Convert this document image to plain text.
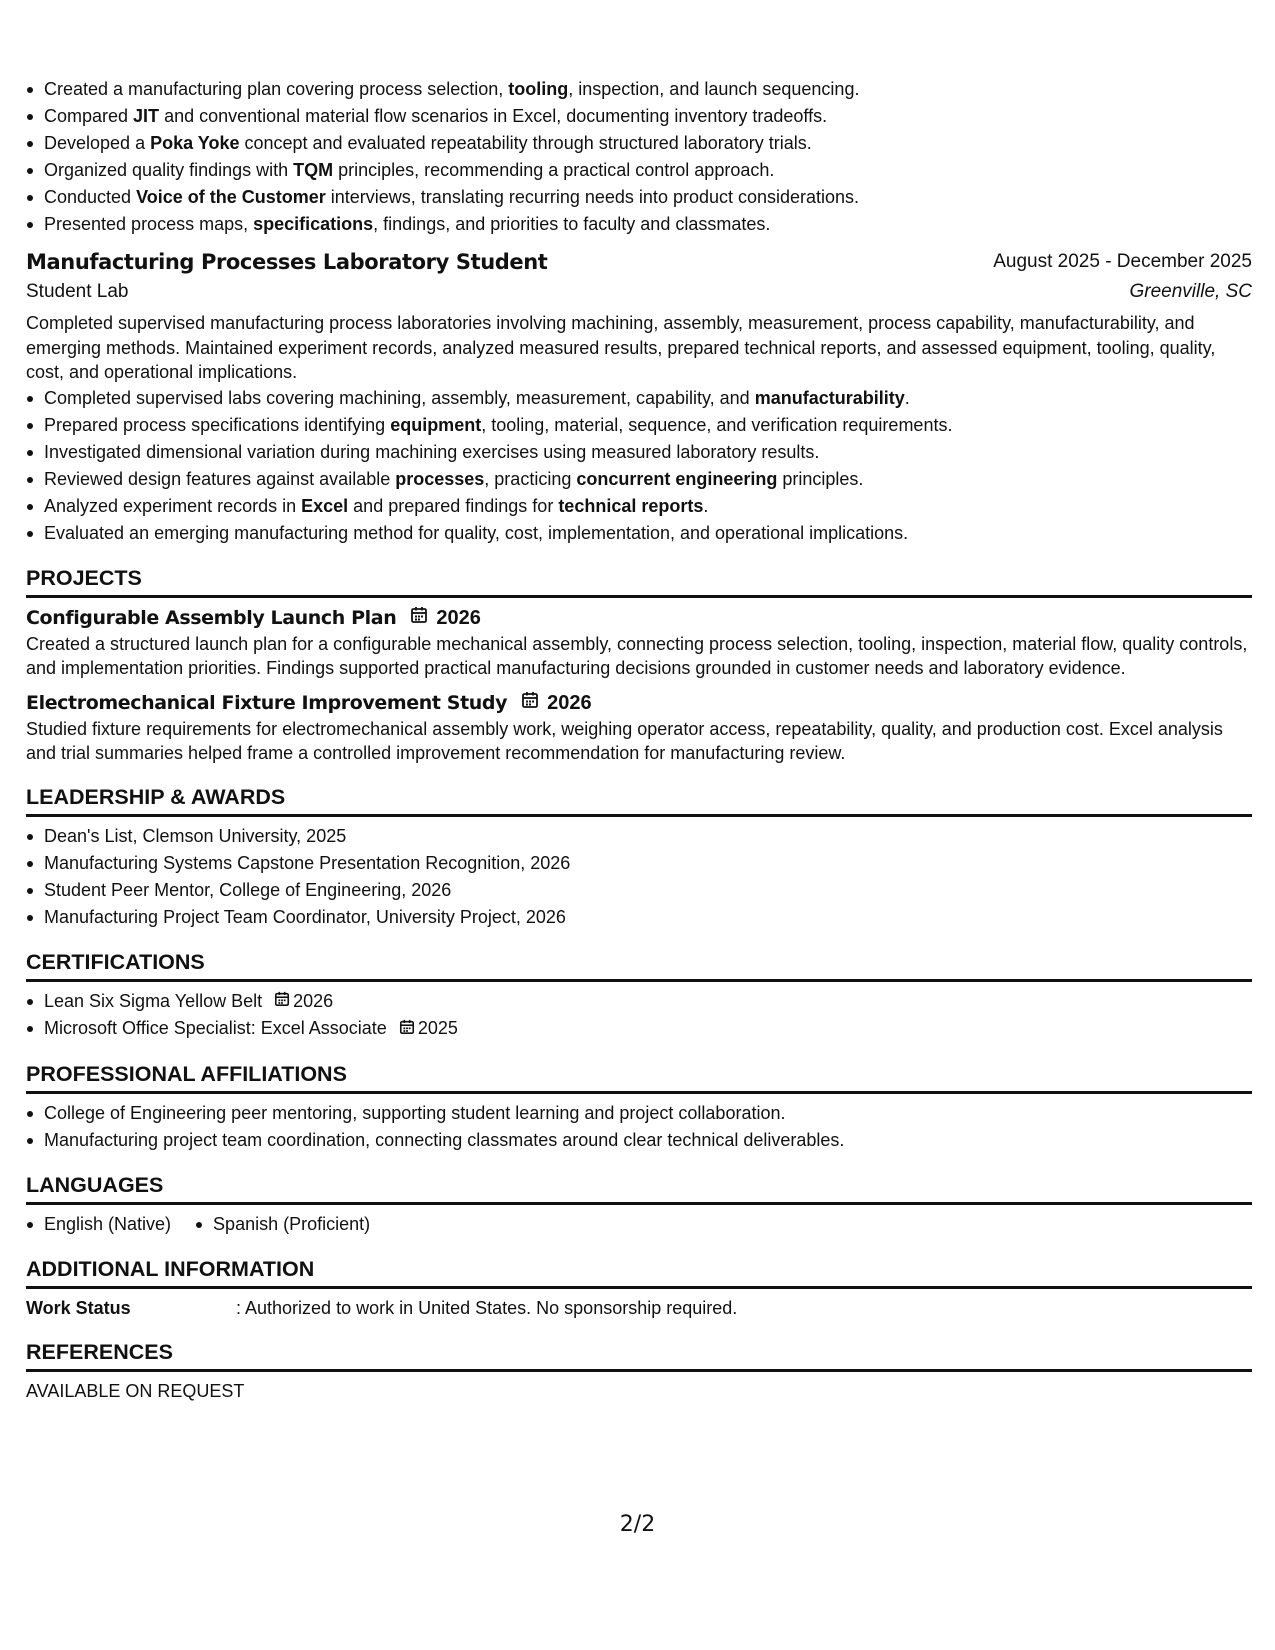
Created a manufacturing plan covering process selection, tooling, inspection, and launch sequencing.
Compared JIT and conventional material flow scenarios in Excel, documenting inventory tradeoffs.
Developed a Poka Yoke concept and evaluated repeatability through structured laboratory trials.
Organized quality findings with TQM principles, recommending a practical control approach.
Conducted Voice of the Customer interviews, translating recurring needs into product considerations.
Presented process maps, specifications, findings, and priorities to faculty and classmates.
Manufacturing Processes Laboratory Student	August 2025 - December 2025
Student Lab	Greenville, SC
Completed supervised manufacturing process laboratories involving machining, assembly, measurement, process capability, manufacturability, and emerging methods. Maintained experiment records, analyzed measured results, prepared technical reports, and assessed equipment, tooling, quality, cost, and operational implications.
Completed supervised labs covering machining, assembly, measurement, capability, and manufacturability.
Prepared process specifications identifying equipment, tooling, material, sequence, and verification requirements.
Investigated dimensional variation during machining exercises using measured laboratory results.
Reviewed design features against available processes, practicing concurrent engineering principles.
Analyzed experiment records in Excel and prepared findings for technical reports.
Evaluated an emerging manufacturing method for quality, cost, implementation, and operational implications.
PROJECTS
Configurable Assembly Launch Plan 2026
Created a structured launch plan for a configurable mechanical assembly, connecting process selection, tooling, inspection, material flow, quality controls, and implementation priorities. Findings supported practical manufacturing decisions grounded in customer needs and laboratory evidence.
Electromechanical Fixture Improvement Study 2026
Studied fixture requirements for electromechanical assembly work, weighing operator access, repeatability, quality, and production cost. Excel analysis and trial summaries helped frame a controlled improvement recommendation for manufacturing review.
LEADERSHIP & AWARDS
Dean's List, Clemson University, 2025
Manufacturing Systems Capstone Presentation Recognition, 2026
Student Peer Mentor, College of Engineering, 2026
Manufacturing Project Team Coordinator, University Project, 2026
CERTIFICATIONS
Lean Six Sigma Yellow Belt 2026
Microsoft Office Specialist: Excel Associate 2025
PROFESSIONAL AFFILIATIONS
College of Engineering peer mentoring, supporting student learning and project collaboration.
Manufacturing project team coordination, connecting classmates around clear technical deliverables.
LANGUAGES
English (Native) Spanish (Proficient)
ADDITIONAL INFORMATION
Work Status	: Authorized to work in United States. No sponsorship required.
REFERENCES
AVAILABLE ON REQUEST
2/2
